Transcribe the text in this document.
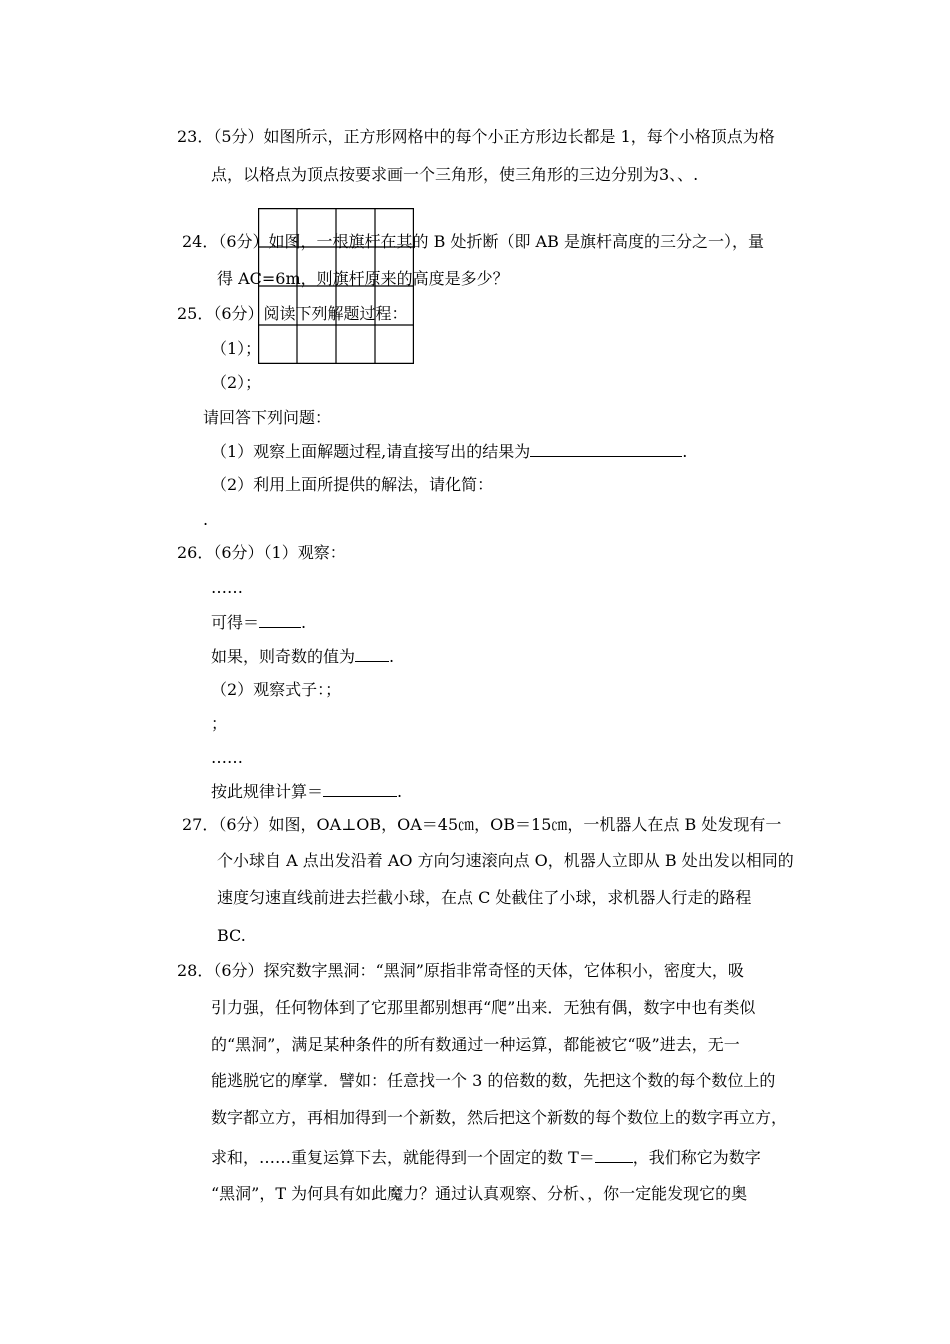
23．（5分）如图所示，正方形网格中的每个小正方形边长都是 1，每个小格顶点为格
点，以格点为顶点按要求画一个三角形，使三角形的三边分别为3、、.
24．（6分）如图，一根旗杆在其的 B 处折断（即 AB 是旗杆高度的三分之一），量
得 AC=6m，则旗杆原来的高度是多少？
25．（6分）阅读下列解题过程：
（1）；
（2）；
请回答下列问题：
（1）观察上面解题过程,请直接写出的结果为	.
（2）利用上面所提供的解法，请化简：
.
26．（6分）（1）观察：
……
可得＝	.
如果，则奇数的值为 .
（2）观察式子：；
；
……
按此规律计算＝	.
27．（6分）如图，OA⊥OB，OA＝45㎝，OB＝15㎝，一机器人在点 B 处发现有一
个小球自 A 点出发沿着 AO 方向匀速滚向点 O，机器人立即从 B 处出发以相同的
速度匀速直线前进去拦截小球，在点 C 处截住了小球，求机器人行走的路程
BC.
28．（6分）探究数字黑洞：“黑洞”原指非常奇怪的天体，它体积小，密度大，吸
引力强，任何物体到了它那里都别想再“爬”出来．无独有偶，数字中也有类似
的“黑洞”，满足某种条件的所有数通过一种运算，都能被它“吸”进去，无一
能逃脱它的摩掌．譬如：任意找一个 3 的倍数的数，先把这个数的每个数位上的
数字都立方，再相加得到一个新数，然后把这个新数的每个数位上的数字再立方，
求和，……重复运算下去，就能得到一个固定的数 T＝ ，我们称它为数字
“黑洞”，T 为何具有如此魔力？通过认真观察、分析、，你一定能发现它的奥
